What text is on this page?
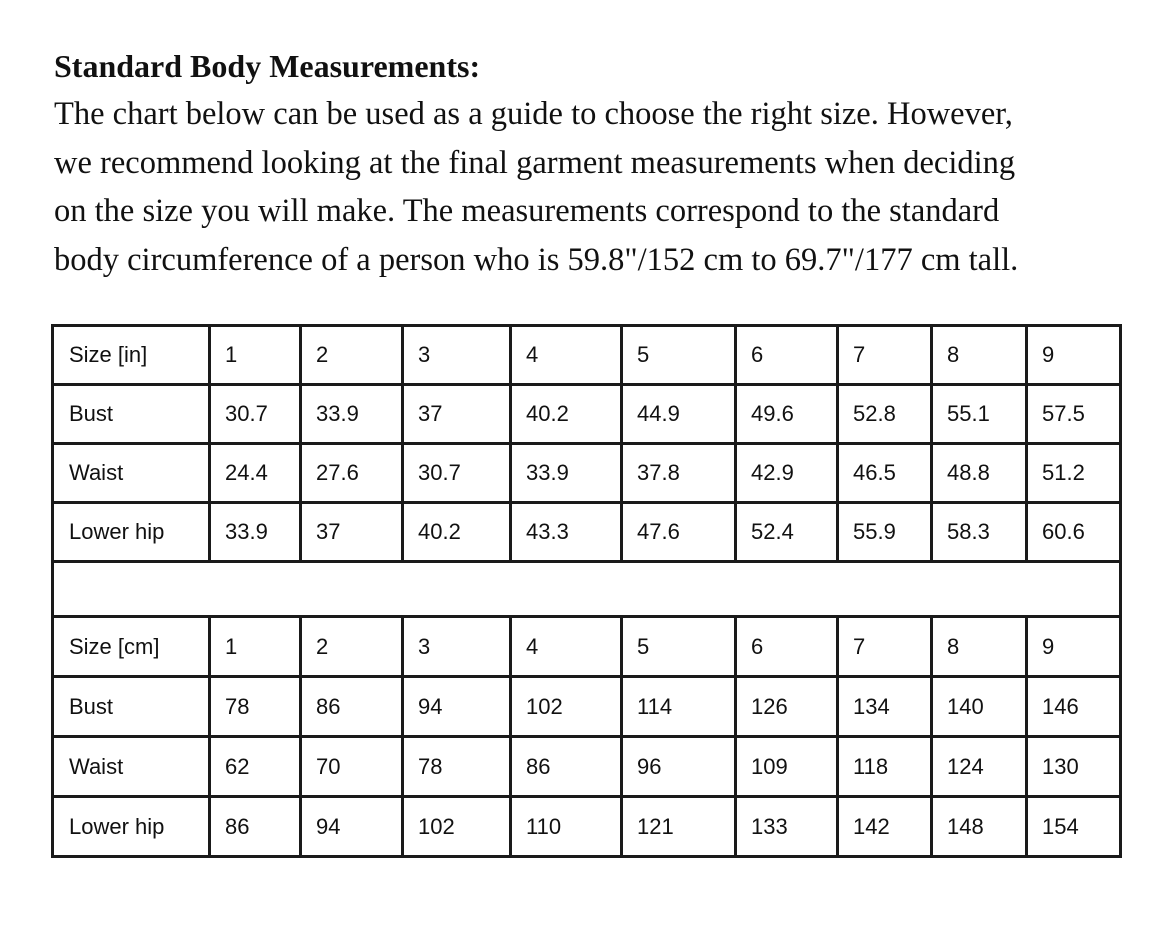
Standard Body Measurements:

The chart below can be used as a guide to choose the right size. However,
we recommend looking at the final garment measurements when deciding
on the size you will make. The measurements correspond to the standard
body circumference of a person who is 59.8"/152 cm to 69.7"/177 cm tall.

Size [in]	1	2	3	4	5	6	7	8	9
Bust	30.7	33.9	37	40.2	44.9	49.6	52.8	55.1	57.5
Waist	24.4	27.6	30.7	33.9	37.8	42.9	46.5	48.8	51.2
Lower hip	33.9	37	40.2	43.3	47.6	52.4	55.9	58.3	60.6

Size [cm]	1	2	3	4	5	6	7	8	9
Bust	78	86	94	102	114	126	134	140	146
Waist	62	70	78	86	96	109	118	124	130
Lower hip	86	94	102	110	121	133	142	148	154
